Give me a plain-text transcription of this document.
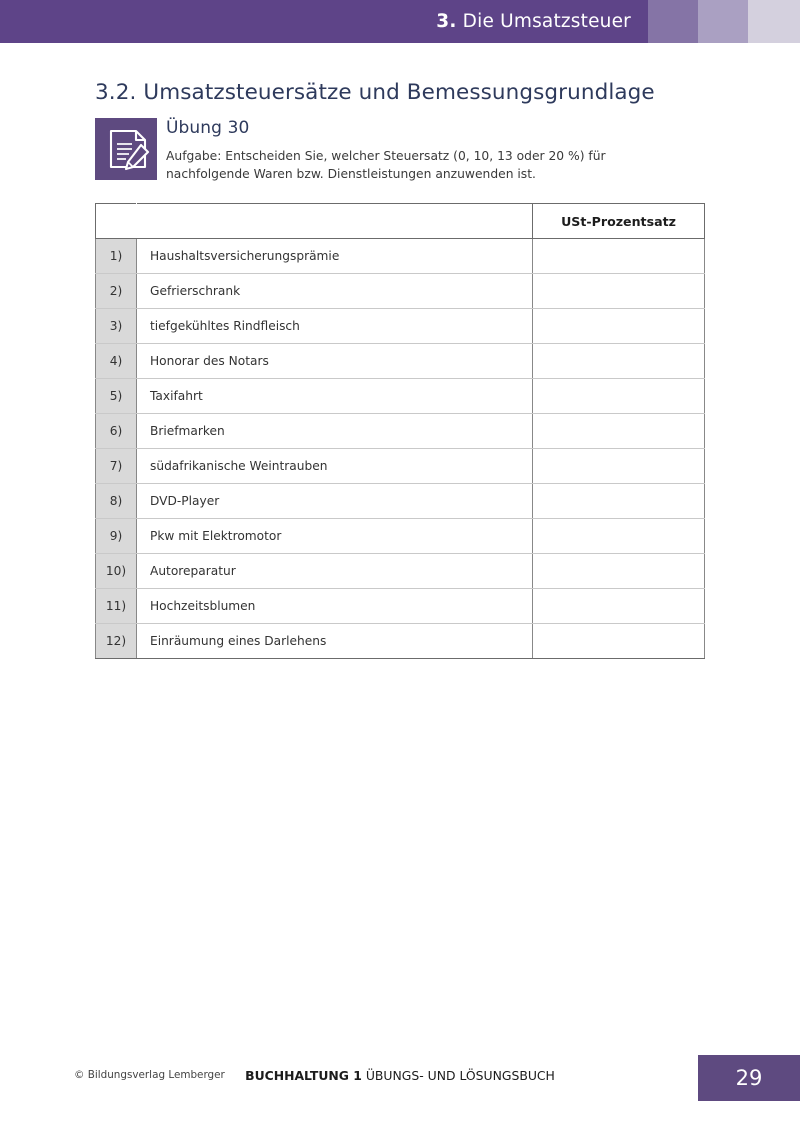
3. Die Umsatzsteuer
3.2. Umsatzsteuersätze und Bemessungsgrundlage
Übung 30

Aufgabe: Entscheiden Sie, welcher Steuersatz (0, 10, 13 oder 20 %) für nachfolgende Waren bzw. Dienstleistungen anzuwenden ist.

		USt-Prozentsatz
1)	Haushaltsversicherungsprämie	
2)	Gefrierschrank	
3)	tiefgekühltes Rindfleisch	
4)	Honorar des Notars	
5)	Taxifahrt	
6)	Briefmarken	
7)	südafrikanische Weintrauben	
8)	DVD-Player	
9)	Pkw mit Elektromotor	
10)	Autoreparatur	
11)	Hochzeitsblumen	
12)	Einräumung eines Darlehens	
© Bildungsverlag Lemberger	BUCHHALTUNG 1 ÜBUNGS- UND LÖSUNGSBUCH	29
